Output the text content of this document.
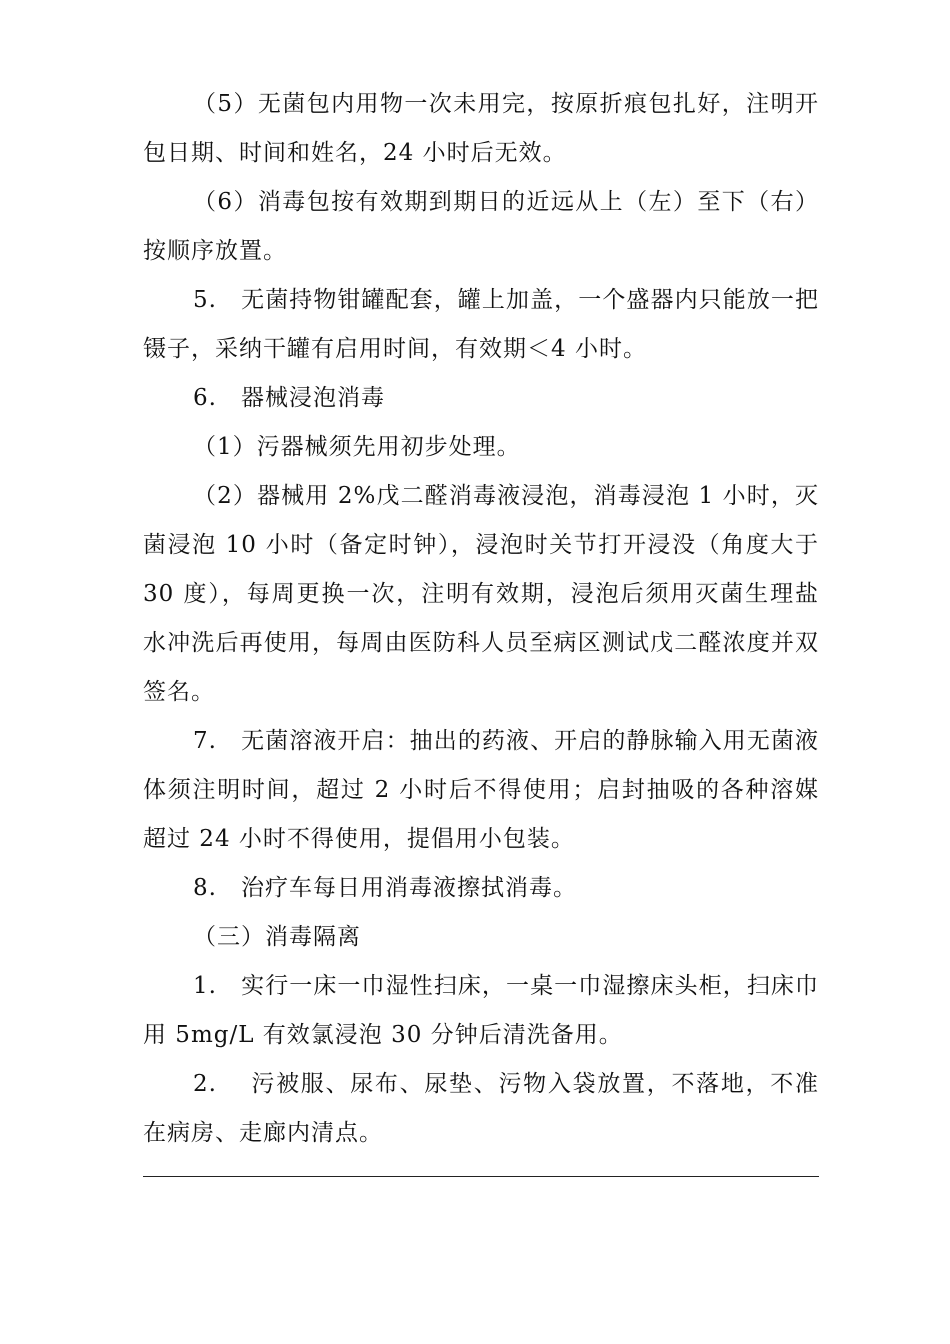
（5）无菌包内用物一次未用完，按原折痕包扎好，注明开包日期、时间和姓名，24 小时后无效。

（6）消毒包按有效期到期日的近远从上（左）至下（右）按顺序放置。

5.　无菌持物钳罐配套，罐上加盖，一个盛器内只能放一把镊子，采纳干罐有启用时间，有效期＜4 小时。

6.　器械浸泡消毒

（1）污器械须先用初步处理。

（2）器械用 2%戊二醛消毒液浸泡，消毒浸泡 1 小时，灭菌浸泡 10 小时（备定时钟），浸泡时关节打开浸没（角度大于 30 度），每周更换一次，注明有效期，浸泡后须用灭菌生理盐水冲洗后再使用，每周由医防科人员至病区测试戊二醛浓度并双签名。

7.　无菌溶液开启：抽出的药液、开启的静脉输入用无菌液体须注明时间，超过 2 小时后不得使用；启封抽吸的各种溶媒超过 24 小时不得使用，提倡用小包装。

8.　治疗车每日用消毒液擦拭消毒。

（三）消毒隔离

1.　实行一床一巾湿性扫床，一桌一巾湿擦床头柜，扫床巾用 5mg/L 有效氯浸泡 30 分钟后清洗备用。

2.　 污被服、尿布、尿垫、污物入袋放置，不落地，不准在病房、走廊内清点。
